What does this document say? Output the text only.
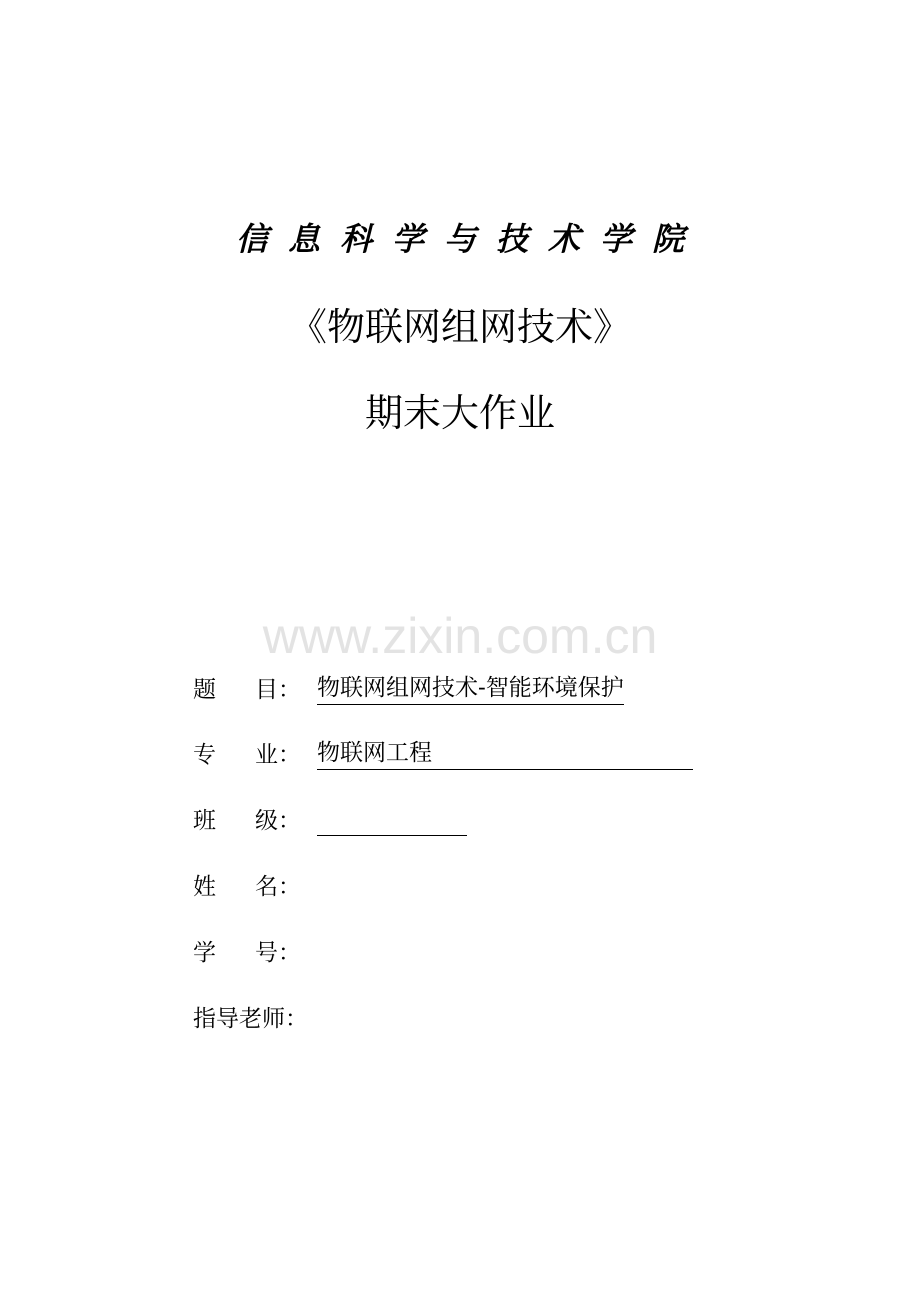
信息科学与技术学院
《物联网组网技术》
期末大作业
www.zixin.com.cn
题 目： 物联网组网技术-智能环境保护
专 业： 物联网工程
班 级：
姓 名：
学 号：
指导老师：
